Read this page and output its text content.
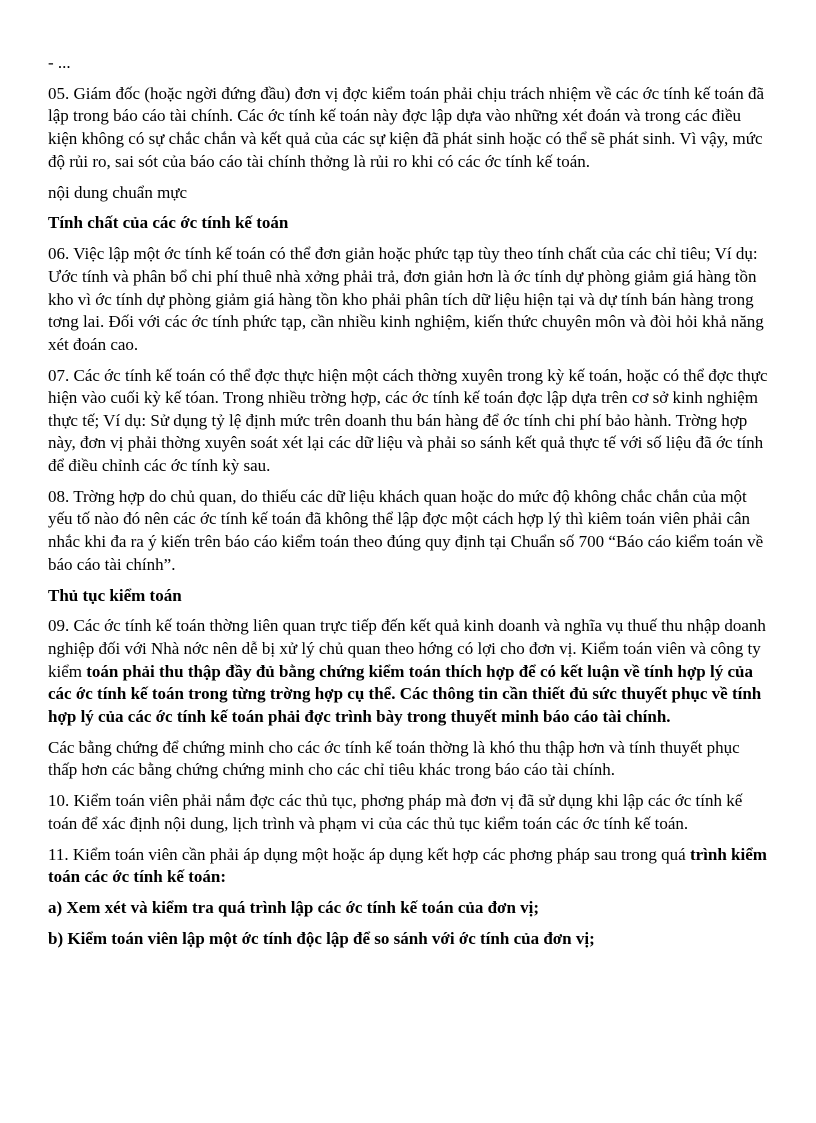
- ...

05. Giám đốc (hoặc ngời đứng đầu) đơn vị đợc kiểm toán phải chịu trách nhiệm về các ớc tính kế toán đã lập trong báo cáo tài chính. Các ớc tính kế toán này đợc lập dựa vào những xét đoán và trong các điều kiện không có sự chắc chắn và kết quả của các sự kiện đã phát sinh hoặc có thể sẽ phát sinh. Vì vậy, mức độ rủi ro, sai sót của báo cáo tài chính thởng là rủi ro khi có các ớc tính kế toán.

nội dung chuẩn mực

Tính chất của các ớc tính kế toán

06. Việc lập một ớc tính kế toán có thể đơn giản hoặc phức tạp tùy theo tính chất của các chỉ tiêu; Ví dụ: Ước tính và phân bổ chi phí thuê nhà xởng phải trả, đơn giản hơn là ớc tính dự phòng giảm giá hàng tồn kho vì ớc tính dự phòng giảm giá hàng tồn kho phải phân tích dữ liệu hiện tại và dự tính bán hàng trong tơng lai. Đối với các ớc tính phức tạp, cần nhiều kinh nghiệm, kiến thức chuyên môn và đòi hỏi khả năng xét đoán cao.

07. Các ớc tính kế toán có thể đợc thực hiện một cách thờng xuyên trong kỳ kế toán, hoặc có thể đợc thực hiện vào cuối kỳ kế tóan. Trong nhiều trờng hợp, các ớc tính kế toán đợc lập dựa trên cơ sở kinh nghiệm thực tế; Ví dụ: Sử dụng tỷ lệ định mức trên doanh thu bán hàng để ớc tính chi phí bảo hành. Trờng hợp này, đơn vị phải thờng xuyên soát xét lại các dữ liệu và phải so sánh kết quả thực tế với số liệu đã ớc tính để điều chỉnh các ớc tính kỳ sau.

08. Trờng hợp do chủ quan, do thiếu các dữ liệu khách quan hoặc do mức độ không chắc chắn của một yếu tố nào đó nên các ớc tính kế toán đã không thể lập đợc một cách hợp lý thì kiêm toán viên phải cân nhắc khi đa ra ý kiến trên báo cáo kiểm toán theo đúng quy định tại Chuẩn số 700 “Báo cáo kiểm toán về báo cáo tài chính”.

Thủ tục kiểm toán

09. Các ớc tính kế toán thờng liên quan trực tiếp đến kết quả kinh doanh và nghĩa vụ thuế thu nhập doanh nghiệp đối với Nhà nớc nên dễ bị xử lý chủ quan theo hớng có lợi cho đơn vị. Kiểm toán viên và công ty kiểm toán phải thu thập đầy đủ bằng chứng kiểm toán thích hợp để có kết luận về tính hợp lý của các ớc tính kế toán trong từng trờng hợp cụ thể. Các thông tin cần thiết đủ sức thuyết phục về tính hợp lý của các ớc tính kế toán phải đợc trình bày trong thuyết minh báo cáo tài chính.

Các bằng chứng để chứng minh cho các ớc tính kế toán thờng là khó thu thập hơn và tính thuyết phục thấp hơn các bằng chứng chứng minh cho các chỉ tiêu khác trong báo cáo tài chính.

10. Kiểm toán viên phải nắm đợc các thủ tục, phơng pháp mà đơn vị đã sử dụng khi lập các ớc tính kế toán để xác định nội dung, lịch trình và phạm vi của các thủ tục kiểm toán các ớc tính kế toán.

11. Kiểm toán viên cần phải áp dụng một hoặc áp dụng kết hợp các phơng pháp sau trong quá trình kiểm toán các ớc tính kế toán:

a) Xem xét và kiểm tra quá trình lập các ớc tính kế toán của đơn vị;

b) Kiểm toán viên lập một ớc tính độc lập để so sánh với ớc tính của đơn vị;
